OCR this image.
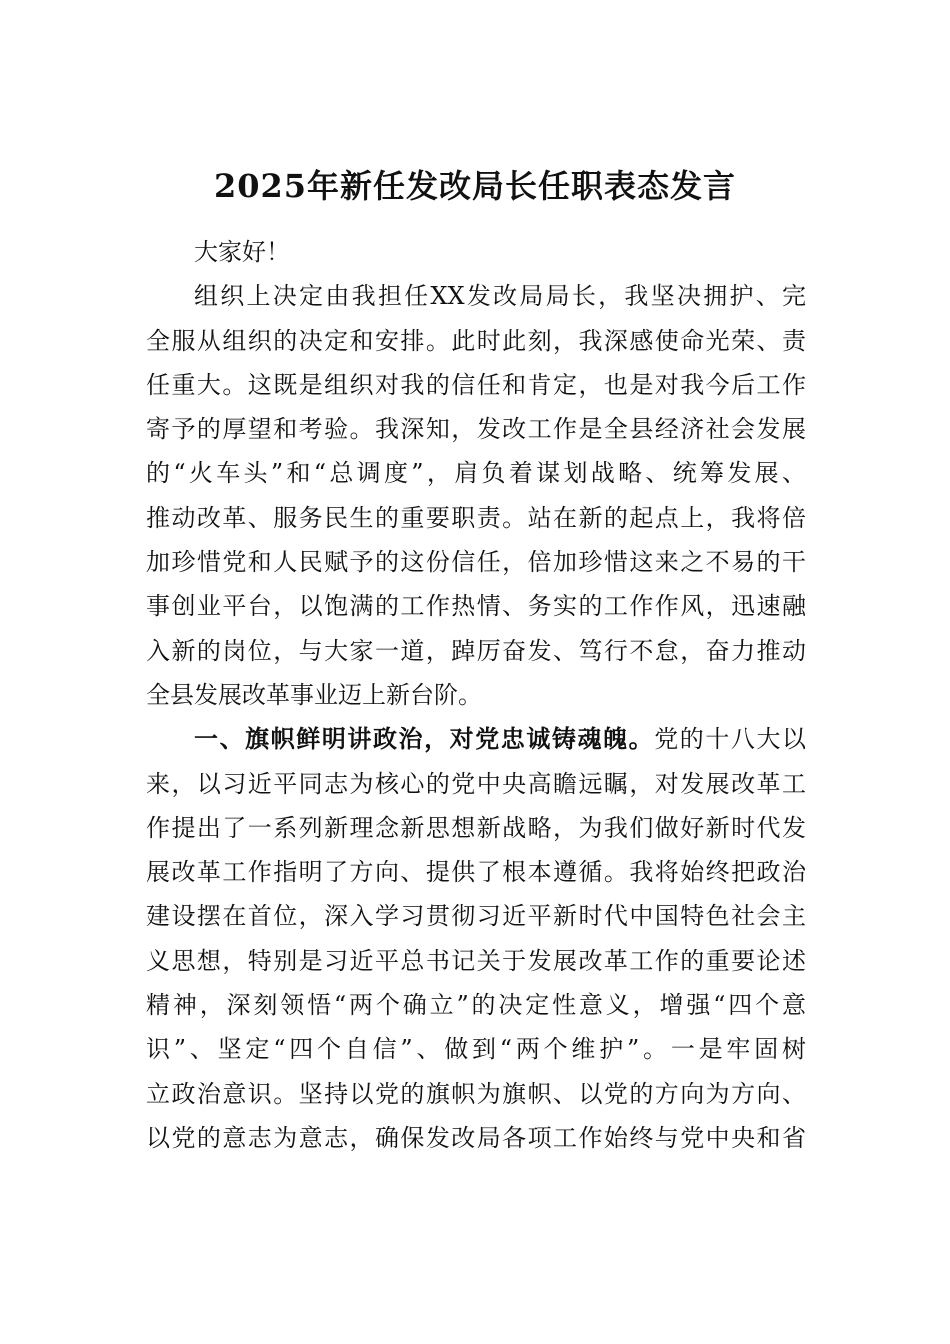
2025年新任发改局长任职表态发言
大家好！
组织上决定由我担任XX发改局局长，我坚决拥护、完
全服从组织的决定和安排。此时此刻，我深感使命光荣、责
任重大。这既是组织对我的信任和肯定，也是对我今后工作
寄予的厚望和考验。我深知，发改工作是全县经济社会发展
的“火车头”和“总调度”，肩负着谋划战略、统筹发展、
推动改革、服务民生的重要职责。站在新的起点上，我将倍
加珍惜党和人民赋予的这份信任，倍加珍惜这来之不易的干
事创业平台，以饱满的工作热情、务实的工作作风，迅速融
入新的岗位，与大家一道，踔厉奋发、笃行不怠，奋力推动
全县发展改革事业迈上新台阶。
一、旗帜鲜明讲政治，对党忠诚铸魂魄。党的十八大以
来，以习近平同志为核心的党中央高瞻远瞩，对发展改革工
作提出了一系列新理念新思想新战略，为我们做好新时代发
展改革工作指明了方向、提供了根本遵循。我将始终把政治
建设摆在首位，深入学习贯彻习近平新时代中国特色社会主
义思想，特别是习近平总书记关于发展改革工作的重要论述
精神，深刻领悟“两个确立”的决定性意义，增强“四个意
识”、坚定“四个自信”、做到“两个维护”。一是牢固树
立政治意识。坚持以党的旗帜为旗帜、以党的方向为方向、
以党的意志为意志，确保发改局各项工作始终与党中央和省
